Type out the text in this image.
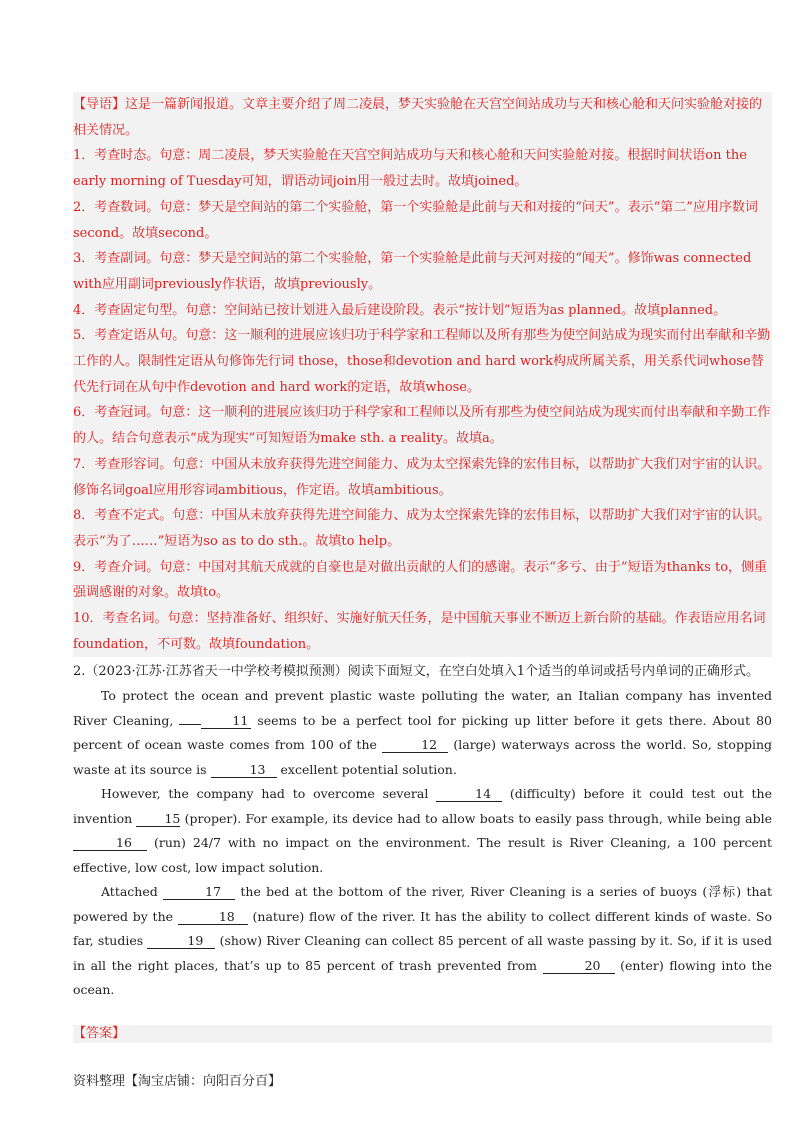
【导语】这是一篇新闻报道。文章主要介绍了周二凌晨，梦天实验舱在天宫空间站成功与天和核心舱和天问实验舱对接的相关情况。

1．考查时态。句意：周二凌晨，梦天实验舱在天宫空间站成功与天和核心舱和天问实验舱对接。根据时间状语on the early morning of Tuesday可知，谓语动词join用一般过去时。故填joined。

2．考查数词。句意：梦天是空间站的第二个实验舱，第一个实验舱是此前与天和对接的“问天”。表示“第二”应用序数词second。故填second。

3．考查副词。句意：梦天是空间站的第二个实验舱，第一个实验舱是此前与天河对接的“闻天”。修饰was connected with应用副词previously作状语，故填previously。

4．考查固定句型。句意：空间站已按计划进入最后建设阶段。表示“按计划”短语为as planned。故填planned。

5．考查定语从句。句意：这一顺利的进展应该归功于科学家和工程师以及所有那些为使空间站成为现实而付出奉献和辛勤工作的人。限制性定语从句修饰先行词 those，those和devotion and hard work构成所属关系，用关系代词whose替代先行词在从句中作devotion and hard work的定语，故填whose。

6．考查冠词。句意：这一顺利的进展应该归功于科学家和工程师以及所有那些为使空间站成为现实而付出奉献和辛勤工作的人。结合句意表示“成为现实”可知短语为make sth. a reality。故填a。

7．考查形容词。句意：中国从未放弃获得先进空间能力、成为太空探索先锋的宏伟目标，以帮助扩大我们对宇宙的认识。修饰名词goal应用形容词ambitious，作定语。故填ambitious。

8．考查不定式。句意：中国从未放弃获得先进空间能力、成为太空探索先锋的宏伟目标，以帮助扩大我们对宇宙的认识。表示“为了……”短语为so as to do sth.。故填to help。

9．考查介词。句意：中国对其航天成就的自豪也是对做出贡献的人们的感谢。表示“多亏、由于”短语为thanks to，侧重强调感谢的对象。故填to。

10．考查名词。句意：坚持准备好、组织好、实施好航天任务，是中国航天事业不断迈上新台阶的基础。作表语应用名词foundation，不可数。故填foundation。

2.（2023·江苏·江苏省天一中学校考模拟预测）阅读下面短文，在空白处填入1个适当的单词或括号内单词的正确形式。

To protect the ocean and prevent plastic waste polluting the water, an Italian company has invented River Cleaning,	11 seems to be a perfect tool for picking up litter before it gets there. About 80 percent of ocean waste comes from 100 of the	12 (large) waterways across the world. So, stopping waste at its source is	13 excellent potential solution.

However, the company had to overcome several	14 (difficulty) before it could test out the invention 15 (proper). For example, its device had to allow boats to easily pass through, while being able 16 (run) 24/7 with no impact on the environment. The result is River Cleaning, a 100 percent effective, low cost, low impact solution.

Attached	17 the bed at the bottom of the river, River Cleaning is a series of buoys (浮标) that powered by the	18 (nature) flow of the river. It has the ability to collect different kinds of waste. So far, studies	19 (show) River Cleaning can collect 85 percent of all waste passing by it. So, if it is used in all the right places, that’s up to 85 percent of trash prevented from	20 (enter) flowing into the ocean.

【答案】
资料整理【淘宝店铺：向阳百分百】
